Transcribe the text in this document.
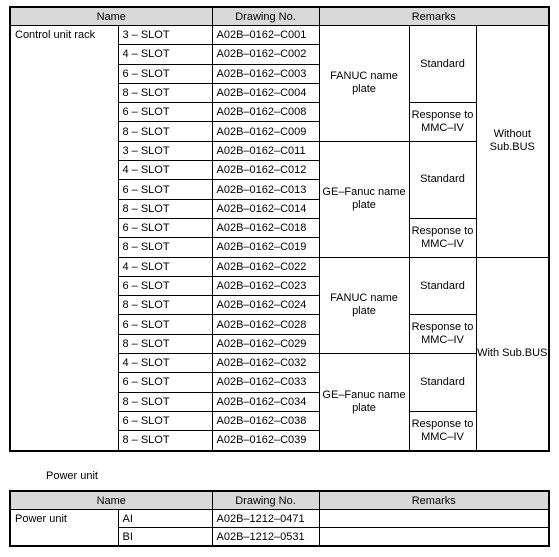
Name		Drawing No.	Remarks		
Control unit rack	3 – SLOT	A02B–0162–C001	FANUC name plate	Standard	Without Sub.BUS
	4 – SLOT	A02B–0162–C002			
	6 – SLOT	A02B–0162–C003			
	8 – SLOT	A02B–0162–C004			
	6 – SLOT	A02B–0162–C008		Response to MMC–IV	
	8 – SLOT	A02B–0162–C009			
	3 – SLOT	A02B–0162–C011	GE–Fanuc name plate	Standard	
	4 – SLOT	A02B–0162–C012			
	6 – SLOT	A02B–0162–C013			
	8 – SLOT	A02B–0162–C014			
	6 – SLOT	A02B–0162–C018		Response to MMC–IV	
	8 – SLOT	A02B–0162–C019			
	4 – SLOT	A02B–0162–C022	FANUC name plate	Standard	With Sub.BUS
	6 – SLOT	A02B–0162–C023			
	8 – SLOT	A02B–0162–C024			
	6 – SLOT	A02B–0162–C028		Response to MMC–IV	
	8 – SLOT	A02B–0162–C029			
	4 – SLOT	A02B–0162–C032	GE–Fanuc name plate	Standard	
	6 – SLOT	A02B–0162–C033			
	8 – SLOT	A02B–0162–C034			
	6 – SLOT	A02B–0162–C038		Response to MMC–IV	
	8 – SLOT	A02B–0162–C039			
Power unit
Name		Drawing No.	Remarks
Power unit	AI	A02B–1212–0471	
	BI	A02B–1212–0531	
